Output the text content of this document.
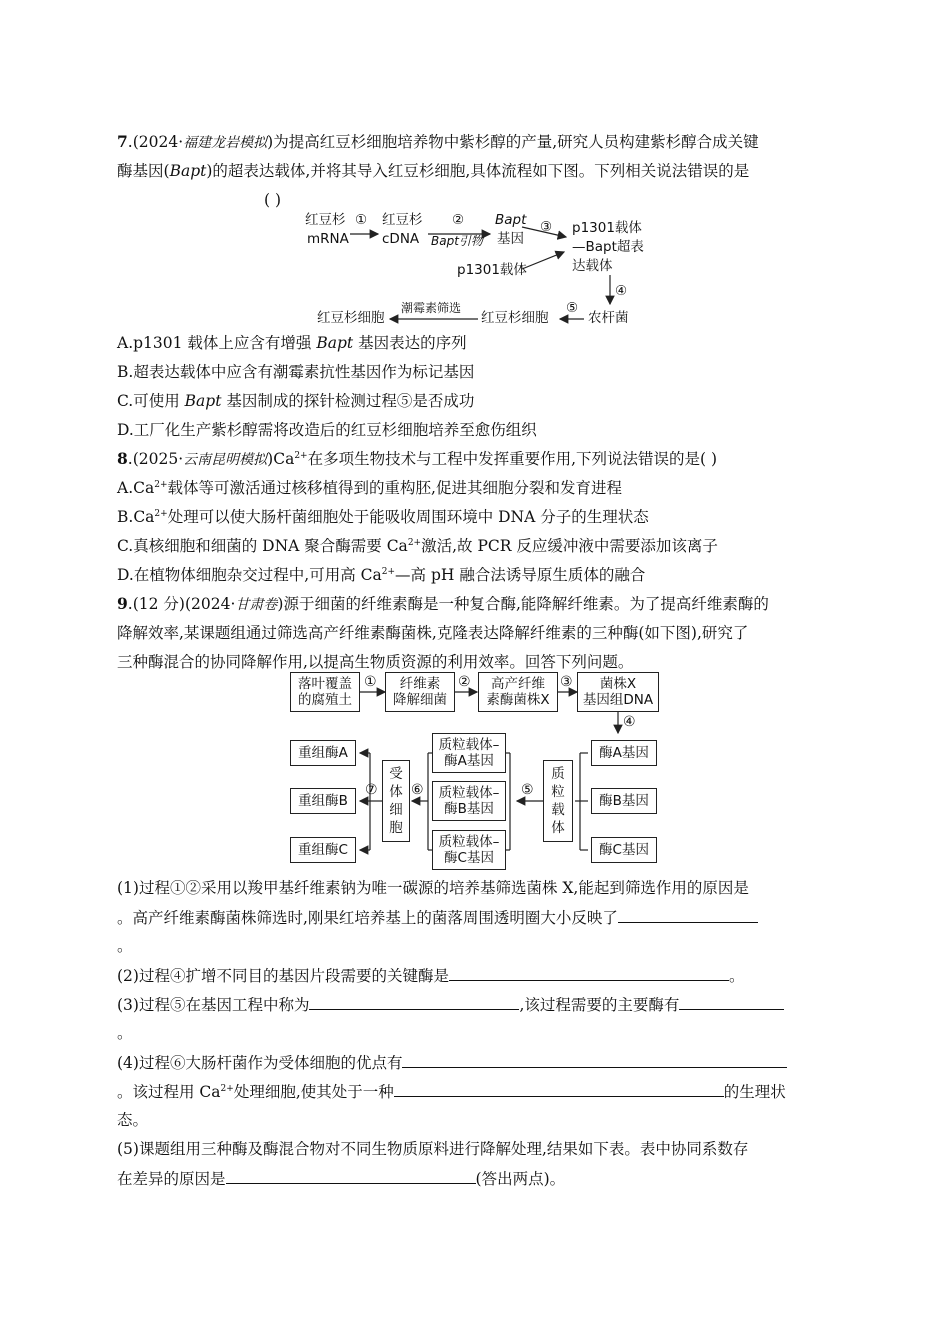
7.(2024·福建龙岩模拟)为提高红豆杉细胞培养物中紫杉醇的产量,研究人员构建紫杉醇合成关键
酶基因(Bapt)的超表达载体,并将其导入红豆杉细胞,具体流程如下图。下列相关说法错误的是
( )
红豆杉
mRNA
① 红豆杉
cDNA
②
Bapt引物
Bapt
基因
③
p1301载体
p1301载体
—Bapt超表
达载体
④
农杆菌
⑤
红豆杉细胞
潮霉素筛选
红豆杉细胞
A.p1301 载体上应含有增强 Bapt 基因表达的序列
B.超表达载体中应含有潮霉素抗性基因作为标记基因
C.可使用 Bapt 基因制成的探针检测过程⑤是否成功
D.工厂化生产紫杉醇需将改造后的红豆杉细胞培养至愈伤组织
8.(2025·云南昆明模拟)$Ca^{2+}$在多项生物技术与工程中发挥重要作用,下列说法错误的是( )
$A.Ca^{2+}$载体等可激活通过核移植得到的重构胚,促进其细胞分裂和发育进程
$B.Ca^{2+}$处理可以使大肠杆菌细胞处于能吸收周围环境中 DNA 分子的生理状态
C.真核细胞和细菌的 DNA 聚合酶需要 $Ca^{2+}$激活,故 PCR 反应缓冲液中需要添加该离子
D.在植物体细胞杂交过程中,可用高 $Ca^{2+}—$高 pH 融合法诱导原生质体的融合
9.(12 分)(2024·甘肃卷)源于细菌的纤维素酶是一种复合酶,能降解纤维素。为了提高纤维素酶的
降解效率,某课题组通过筛选高产纤维素酶菌株,克隆表达降解纤维素的三种酶(如下图),研究了
三种酶混合的协同降解作用,以提高生物质资源的利用效率。回答下列问题。
落叶覆盖
的腐殖土
①	纤维素
降解细菌
②	高产纤维
素酶菌株X
③	菌株X
基因组DNA
④
酶A基因
酶B基因
酶C基因
质
粒
载
体
⑤
质粒载体–
酶A基因
质粒载体–
酶B基因
质粒载体–
酶C基因
⑥
受
体
细
胞
⑦
重组酶A
重组酶B
重组酶C
(1)过程①②采用以羧甲基纤维素钠为唯一碳源的培养基筛选菌株 X,能起到筛选作用的原因是
。高产纤维素酶菌株筛选时,刚果红培养基上的菌落周围透明圈大小反映了
。
(2)过程④扩增不同目的基因片段需要的关键酶是	。
(3)过程⑤在基因工程中称为	,该过程需要的主要酶有
。
(4)过程⑥大肠杆菌作为受体细胞的优点有
。该过程用 $Ca^{2+}$处理细胞,使其处于一种	的生理状
态。
(5)课题组用三种酶及酶混合物对不同生物质原料进行降解处理,结果如下表。表中协同系数存
在差异的原因是	(答出两点)。
